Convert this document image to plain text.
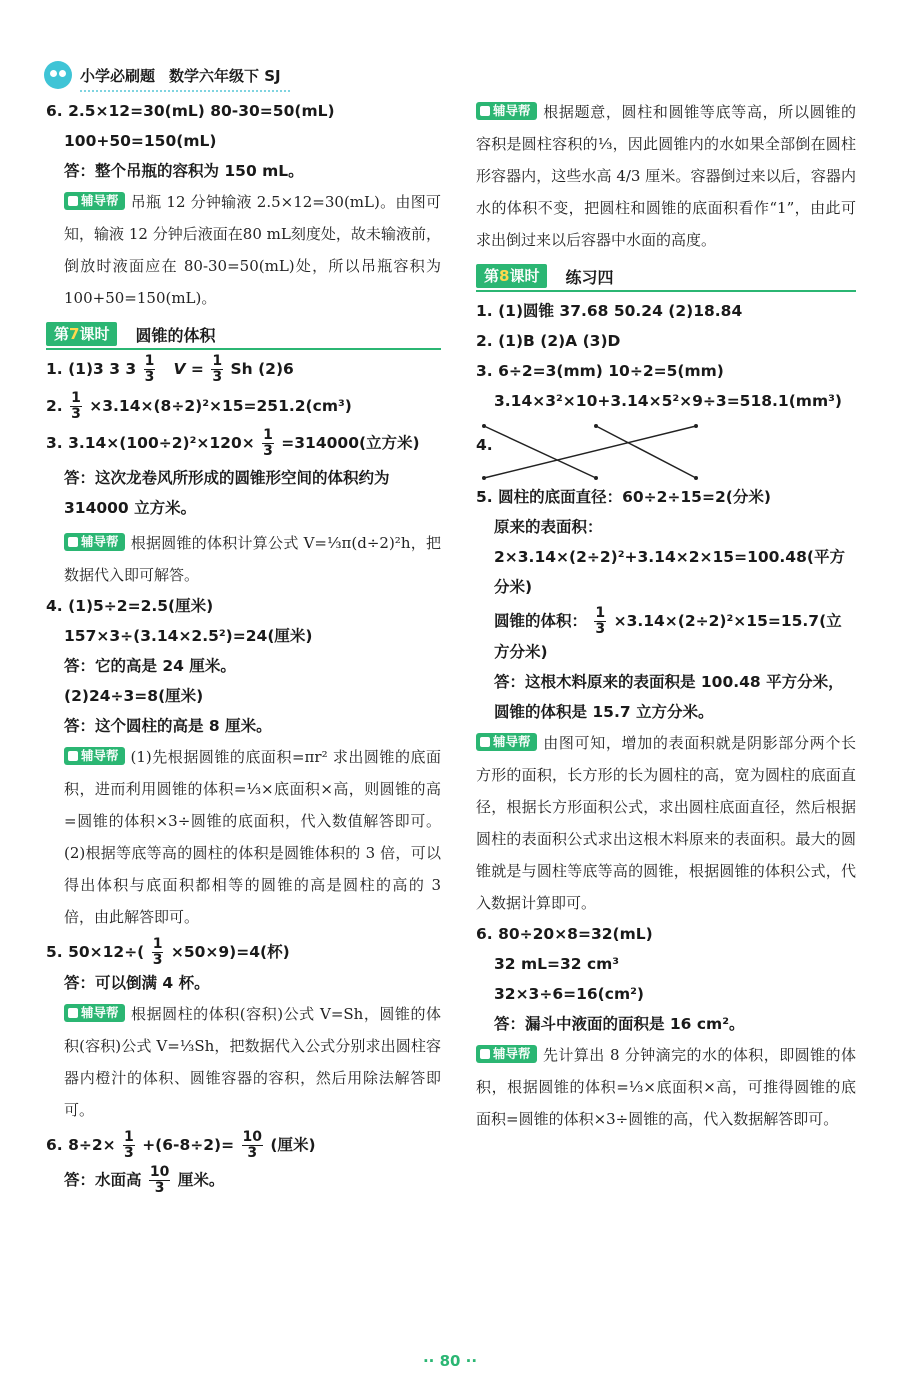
小学必刷题 数学六年级下 SJ
6. 2.5×12=30(mL) 80-30=50(mL)
100+50=150(mL)
答：整个吊瓶的容积为 150 mL。
辅导帮 吊瓶 12 分钟输液 2.5×12=30(mL)。由图可知，输液 12 分钟后液面在80 mL刻度处，故未输液前，倒放时液面应在 80-30=50(mL)处，所以吊瓶容积为 100+50=150(mL)。
第7课时	圆锥的体积
1. (1)3 3 $3 \frac{1}{3}$ $V = \frac{1}{3}$ Sh (2)6
2. $\frac{1}{3} \times 3.14\times(8\div 2)^2\times 15=251.2(cm^3)$
3. $3.14\times(100\div 2)^2\times 120\times \frac{1}{3} =314000$(立方米)
答：这次龙卷风所形成的圆锥形空间的体积约为 314000 立方米。
辅导帮 根据圆锥的体积计算公式 V=⅓π(d÷2)²h，把数据代入即可解答。
4. (1)5÷2=2.5(厘米)
157×3÷(3.14×2.5²)=24(厘米)
答：它的高是 24 厘米。
(2)24÷3=8(厘米)
答：这个圆柱的高是 8 厘米。
辅导帮 (1)先根据圆锥的底面积=πr² 求出圆锥的底面积，进而利用圆锥的体积=⅓×底面积×高，则圆锥的高=圆锥的体积×3÷圆锥的底面积，代入数值解答即可。(2)根据等底等高的圆柱的体积是圆锥体积的 3 倍，可以得出体积与底面积都相等的圆锥的高是圆柱的高的 3 倍，由此解答即可。
5. $50\times 12\div( \frac{1}{3} \times 50\times 9)=4$(杯)
答：可以倒满 4 杯。
辅导帮 根据圆柱的体积(容积)公式 V=Sh，圆锥的体积(容积)公式 V=⅓Sh，把数据代入公式分别求出圆柱容器内橙汁的体积、圆锥容器的容积，然后用除法解答即可。
6. $8\div 2\times \frac{1}{3} +(6-8\div 2)= \frac{10}{3}$ (厘米)
答：水面高 $\frac{10}{3}$ 厘米。
辅导帮 根据题意，圆柱和圆锥等底等高，所以圆锥的容积是圆柱容积的⅓，因此圆锥内的水如果全部倒在圆柱形容器内，这些水高 4/3 厘米。容器倒过来以后，容器内水的体积不变，把圆柱和圆锥的底面积看作“1”，由此可求出倒过来以后容器中水面的高度。
第8课时	练习四
1. (1)圆锥 37.68 50.24 (2)18.84
2. (1)B (2)A (3)D
3. 6÷2=3(mm) 10÷2=5(mm)
3.14×3²×10+3.14×5²×9÷3=518.1(mm³)
4.
5. 圆柱的底面直径：60÷2÷15=2(分米)
原来的表面积：
2×3.14×(2÷2)²+3.14×2×15=100.48(平方分米)
圆锥的体积： $\frac{1}{3} \times 3.14\times(2\div 2)^2\times 15=15.7$(立方分米)
答：这根木料原来的表面积是 100.48 平方分米，
圆锥的体积是 15.7 立方分米。
辅导帮 由图可知，增加的表面积就是阴影部分两个长方形的面积，长方形的长为圆柱的高，宽为圆柱的底面直径，根据长方形面积公式，求出圆柱底面直径，然后根据圆柱的表面积公式求出这根木料原来的表面积。最大的圆锥就是与圆柱等底等高的圆锥，根据圆锥的体积公式，代入数据计算即可。
6. 80÷20×8=32(mL)
32 mL=32 cm³
32×3÷6=16(cm²)
答：漏斗中液面的面积是 16 cm²。
辅导帮 先计算出 8 分钟滴完的水的体积，即圆锥的体积，根据圆锥的体积=⅓×底面积×高，可推得圆锥的底面积=圆锥的体积×3÷圆锥的高，代入数据解答即可。
·· 80 ··
